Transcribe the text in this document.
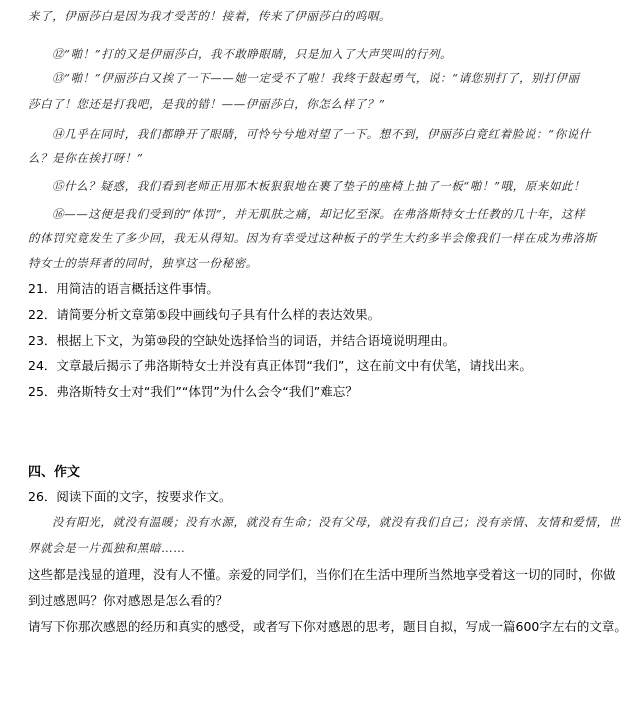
来了，伊丽莎白是因为我才受苦的！接着，传来了伊丽莎白的呜咽。
⑫“啪！”打的又是伊丽莎白，我不敢睁眼睛，只是加入了大声哭叫的行列。
⑬“啪！”伊丽莎白又挨了一下——她一定受不了啦！我终于鼓起勇气，说：“请您别打了，别打伊丽
莎白了！您还是打我吧，是我的错！——伊丽莎白，你怎么样了？”
⑭几乎在同时，我们都睁开了眼睛，可怜兮兮地对望了一下。想不到，伊丽莎白竟红着脸说：“你说什
么？是你在挨打呀！”
⑮什么？疑惑，我们看到老师正用那木板狠狠地在裹了垫子的座椅上抽了一板“啪！”哦，原来如此！
⑯——这便是我们受到的“体罚”，并无肌肤之痛，却记忆至深。在弗洛斯特女士任教的几十年，这样
的体罚究竟发生了多少回，我无从得知。因为有幸受过这种板子的学生大约多半会像我们一样在成为弗洛斯
特女士的崇拜者的同时，独享这一份秘密。
21．用简洁的语言概括这件事情。
22．请简要分析文章第⑤段中画线句子具有什么样的表达效果。
23．根据上下文，为第⑩段的空缺处选择恰当的词语，并结合语境说明理由。
24．文章最后揭示了弗洛斯特女士并没有真正体罚“我们”，这在前文中有伏笔，请找出来。
25．弗洛斯特女士对“我们”“体罚”为什么会令“我们”难忘？
四、作文
26．阅读下面的文字，按要求作文。
没有阳光，就没有温暖；没有水源，就没有生命；没有父母，就没有我们自己；没有亲情、友情和爱情，世
界就会是一片孤独和黑暗……
这些都是浅显的道理，没有人不懂。亲爱的同学们，当你们在生活中理所当然地享受着这一切的同时，你做
到过感恩吗？你对感恩是怎么看的？
请写下你那次感恩的经历和真实的感受，或者写下你对感恩的思考，题目自拟，写成一篇600字左右的文章。
